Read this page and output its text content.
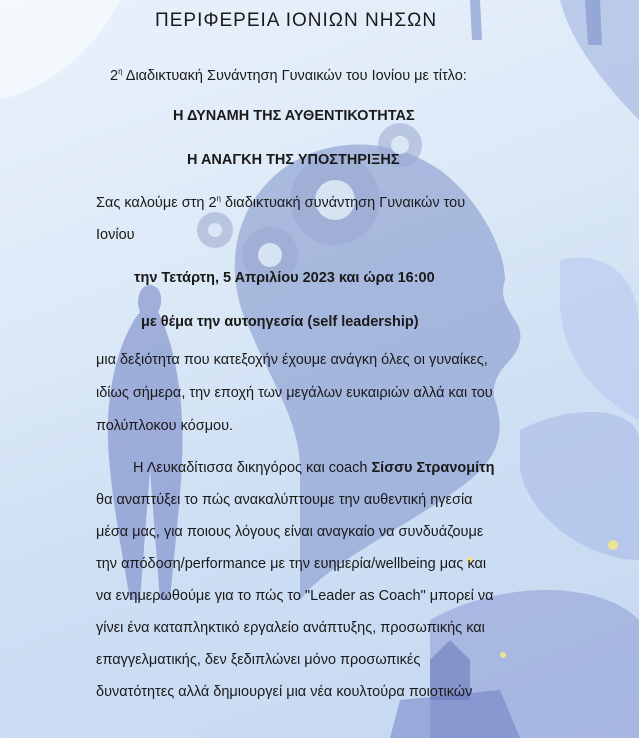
ΠΕΡΙΦΕΡΕΙΑ ΙΟΝΙΩΝ ΝΗΣΩΝ
$2^\eta$ Διαδικτυακή Συνάντηση Γυναικών του Ιονίου με τίτλο:
Η ΔΥΝΑΜΗ ΤΗΣ ΑΥΘΕΝΤΙΚΟΤΗΤΑΣ
Η ΑΝΑΓΚΗ ΤΗΣ ΥΠΟΣΤΗΡΙΞΗΣ
Σας καλούμε στη $2^\eta$ διαδικτυακή συνάντηση Γυναικών του
Ιονίου
την Τετάρτη, 5 Απριλίου 2023 και ώρα 16:00
με θέμα την αυτοηγεσία (self leadership)
μια δεξιότητα που κατεξοχήν έχουμε ανάγκη όλες οι γυναίκες,
ιδίως σήμερα, την εποχή των μεγάλων ευκαιριών αλλά και του
πολύπλοκου κόσμου.
Η Λευκαδίτισσα δικηγόρος και coach Σίσσυ Στρανομίτη
θα αναπτύξει το πώς ανακαλύπτουμε την αυθεντική ηγεσία
μέσα μας, για ποιους λόγους είναι αναγκαίο να συνδυάζουμε
την απόδοση/performance με την ευημερία/wellbeing μας και
να ενημερωθούμε για το πώς το "Leader as Coach" μπορεί να
γίνει ένα καταπληκτικό εργαλείο ανάπτυξης, προσωπικής και
επαγγελματικής, δεν ξεδιπλώνει μόνο προσωπικές
δυνατότητες αλλά δημιουργεί μια νέα κουλτούρα ποιοτικών
